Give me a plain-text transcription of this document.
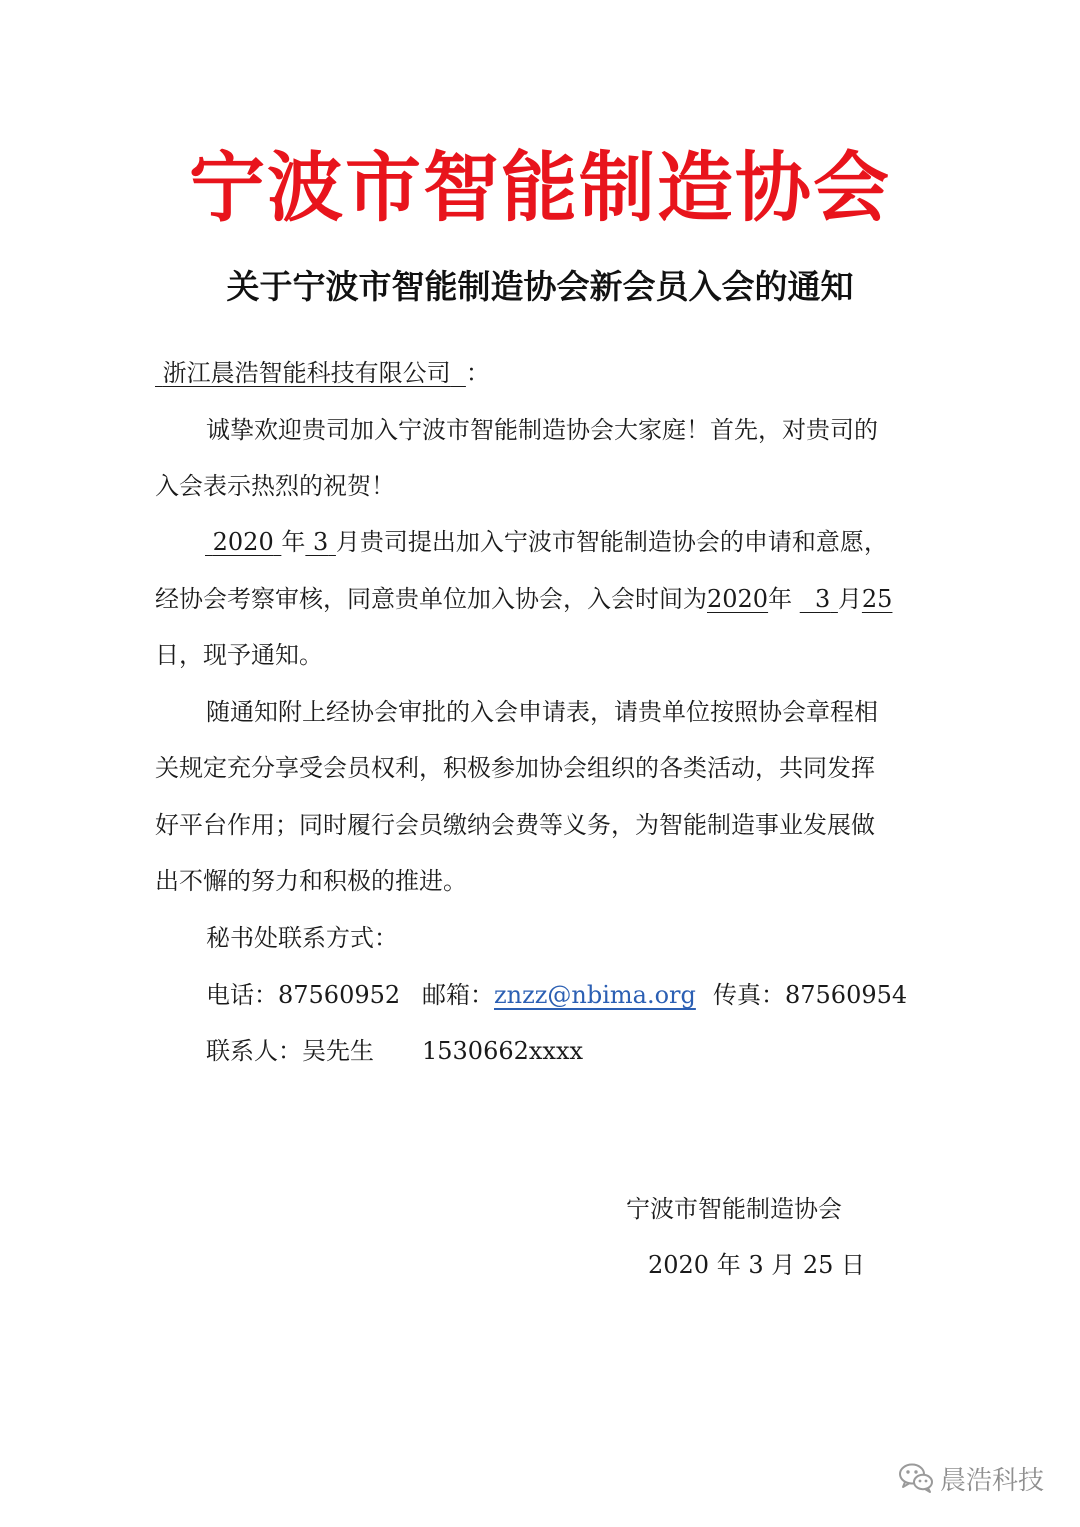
宁波市智能制造协会
关于宁波市智能制造协会新会员入会的通知
浙江晨浩智能科技有限公司 ：
诚挚欢迎贵司加入宁波市智能制造协会大家庭！首先，对贵司的
入会表示热烈的祝贺！
2020 年 3 月贵司提出加入宁波市智能制造协会的申请和意愿，
经协会考察审核，同意贵单位加入协会，入会时间为2020年 3 月25
日，现予通知。
随通知附上经协会审批的入会申请表，请贵单位按照协会章程相
关规定充分享受会员权利，积极参加协会组织的各类活动，共同发挥
好平台作用；同时履行会员缴纳会费等义务，为智能制造事业发展做
出不懈的努力和积极的推进。
秘书处联系方式：
电话：87560952 邮箱：znzz@nbima.org 传真：87560954
联系人：吴先生 1530662xxxx
宁波市智能制造协会
2020 年 3 月 25 日
晨浩科技
